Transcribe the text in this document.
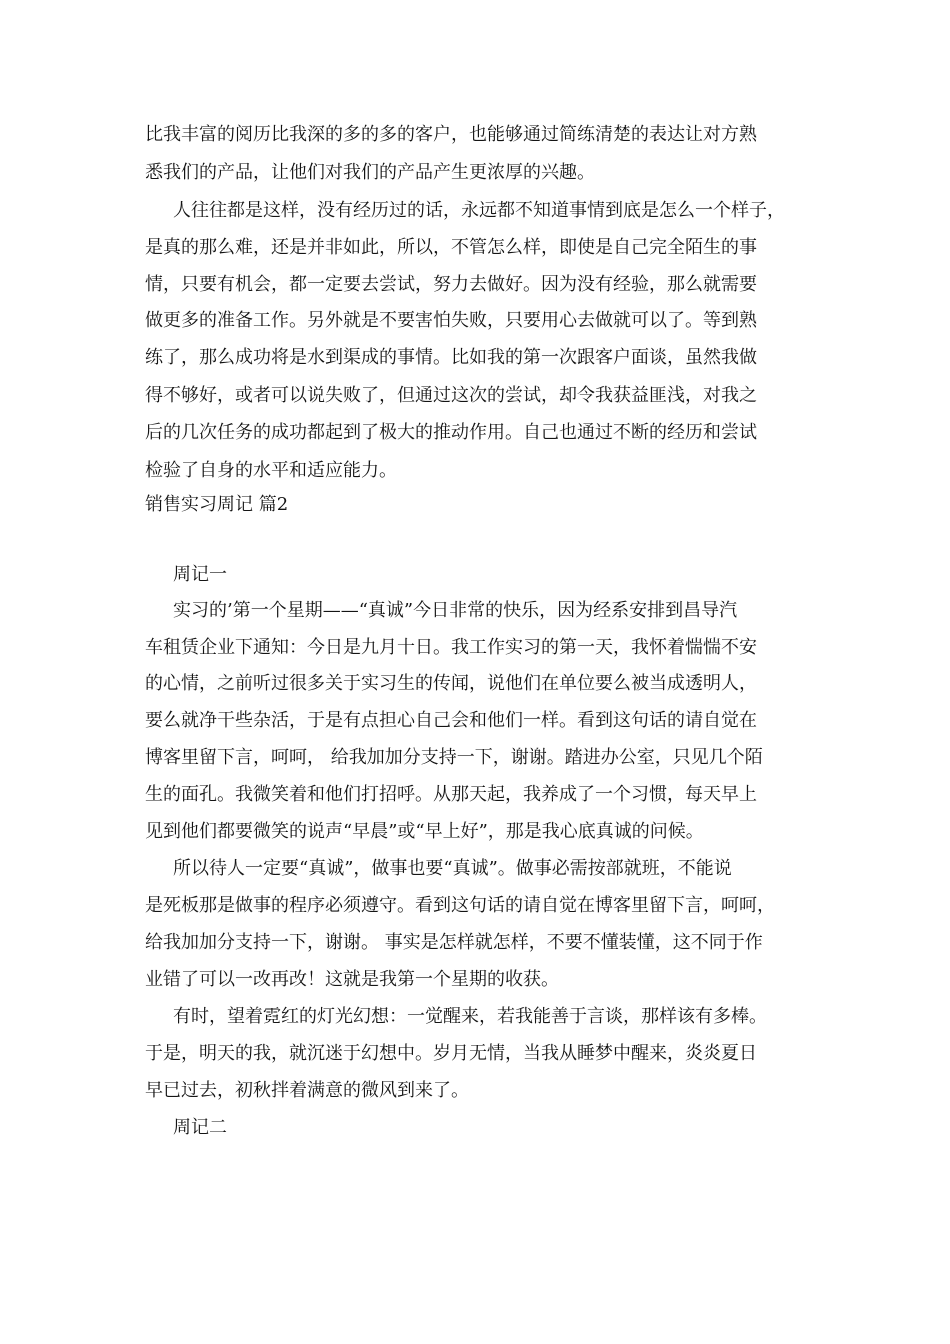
比我丰富的阅历比我深的多的多的客户，也能够通过简练清楚的表达让对方熟
悉我们的产品，让他们对我们的产品产生更浓厚的兴趣。
人往往都是这样，没有经历过的话，永远都不知道事情到底是怎么一个样子，
是真的那么难，还是并非如此，所以，不管怎么样，即使是自己完全陌生的事
情，只要有机会，都一定要去尝试，努力去做好。因为没有经验，那么就需要
做更多的准备工作。另外就是不要害怕失败，只要用心去做就可以了。等到熟
练了，那么成功将是水到渠成的事情。比如我的第一次跟客户面谈，虽然我做
得不够好，或者可以说失败了，但通过这次的尝试，却令我获益匪浅，对我之
后的几次任务的成功都起到了极大的推动作用。自己也通过不断的经历和尝试
检验了自身的水平和适应能力。
销售实习周记 篇2
周记一
实习的’第一个星期——“真诚”今日非常的快乐，因为经系安排到昌导汽
车租赁企业下通知：今日是九月十日。我工作实习的第一天，我怀着惴惴不安
的心情，之前听过很多关于实习生的传闻，说他们在单位要么被当成透明人，
要么就净干些杂活，于是有点担心自己会和他们一样。看到这句话的请自觉在
博客里留下言，呵呵， 给我加加分支持一下，谢谢。踏进办公室，只见几个陌
生的面孔。我微笑着和他们打招呼。从那天起，我养成了一个习惯，每天早上
见到他们都要微笑的说声“早晨”或“早上好”，那是我心底真诚的问候。
所以待人一定要“真诚”，做事也要“真诚”。做事必需按部就班，不能说
是死板那是做事的程序必须遵守。看到这句话的请自觉在博客里留下言，呵呵，
给我加加分支持一下，谢谢。 事实是怎样就怎样，不要不懂装懂，这不同于作
业错了可以一改再改！这就是我第一个星期的收获。
有时，望着霓红的灯光幻想：一觉醒来，若我能善于言谈，那样该有多棒。
于是，明天的我，就沉迷于幻想中。岁月无情，当我从睡梦中醒来，炎炎夏日
早已过去，初秋拌着满意的微风到来了。
周记二
